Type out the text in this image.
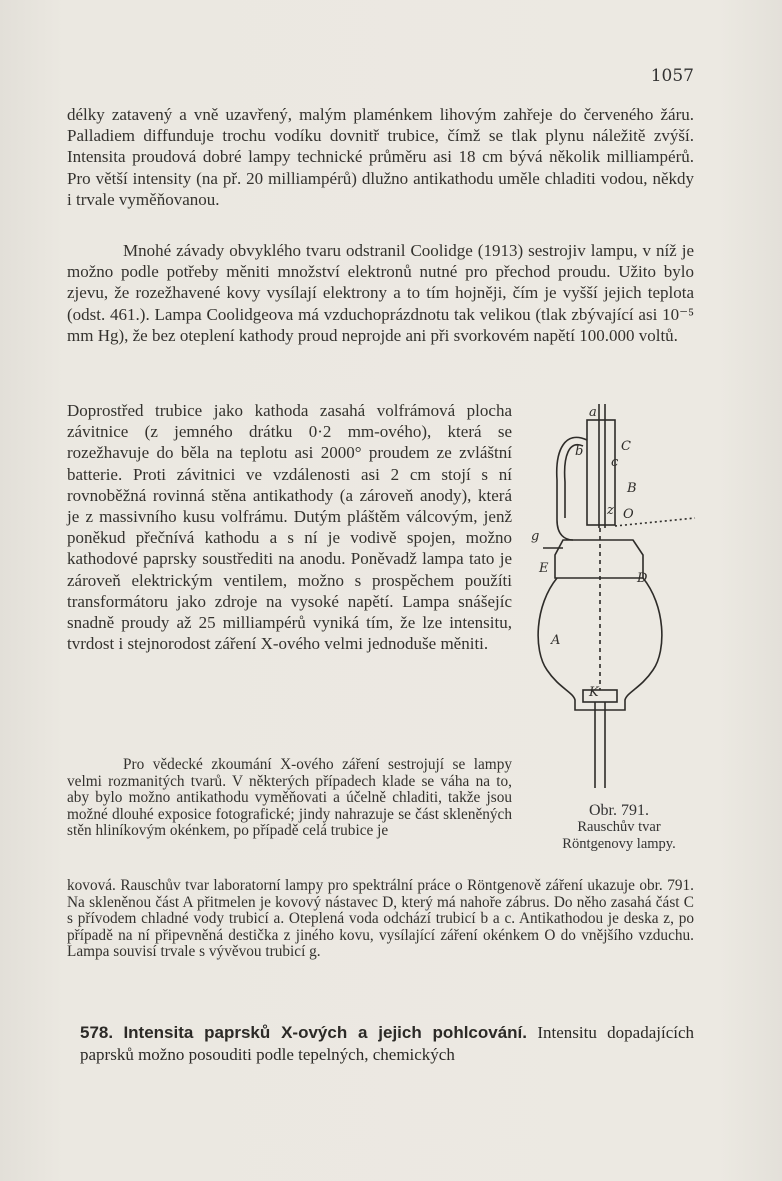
1057
délky zatavený a vně uzavřený, malým plaménkem lihovým zahřeje do červeného žáru. Palladiem diffunduje trochu vodíku dovnitř trubice, čímž se tlak plynu náležitě zvýší. Intensita proudová dobré lampy technické průměru asi 18 cm bývá několik milliampérů. Pro větší intensity (na př. 20 milliampérů) dlužno antikathodu uměle chladiti vodou, někdy i trvale vyměňovanou.
Mnohé závady obvyklého tvaru odstranil Coolidge (1913) sestrojiv lampu, v níž je možno podle potřeby měniti množství elektronů nutné pro přechod proudu. Užito bylo zjevu, že rozežhavené kovy vysílají elektrony a to tím hojněji, čím je vyšší jejich teplota (odst. 461.). Lampa Coolidgeova má vzduchoprázdnotu tak velikou (tlak zbývající asi 10⁻⁵ mm Hg), že bez oteplení kathody proud neprojde ani při svorkovém napětí 100.000 voltů.
Doprostřed trubice jako kathoda zasahá volfrámová plocha závitnice (z jemného drátku 0·2 mm-ového), která se rozežhavuje do běla na teplotu asi 2000° proudem ze zvláštní batterie. Proti závitnici ve vzdálenosti asi 2 cm stojí s ní rovnoběžná rovinná stěna antikathody (a zároveň anody), která je z massivního kusu volfrámu. Dutým pláštěm válcovým, jenž poněkud přečnívá kathodu a s ní je vodivě spojen, možno kathodové paprsky soustřediti na anodu. Poněvadž lampa tato je zároveň elektrickým ventilem, možno s prospěchem použíti transformátoru jako zdroje na vysoké napětí. Lampa snášejíc snadně proudy až 25 milliampérů vyniká tím, že lze intensitu, tvrdost i stejnorodost záření X-ového velmi jednoduše měniti.
a
b
c
C
B
z O
g
E
D
A
K
Obr. 791.
Rauschův tvar
Röntgenovy lampy.
Pro vědecké zkoumání X-ového záření sestrojují se lampy velmi rozmanitých tvarů. V některých případech klade se váha na to, aby bylo možno antikathodu vyměňovati a účelně chladiti, takže jsou možné dlouhé exposice fotografické; jindy nahrazuje se část skleněných stěn hliníkovým okénkem, po případě celá trubice je
kovová. Rauschův tvar laboratorní lampy pro spektrální práce o Röntgenově záření ukazuje obr. 791. Na skleněnou část A přitmelen je kovový nástavec D, který má nahoře zábrus. Do něho zasahá část C s přívodem chladné vody trubicí a. Oteplená voda odchází trubicí b a c. Antikathodou je deska z, po případě na ní připevněná destička z jiného kovu, vysílající záření okénkem O do vnějšího vzduchu. Lampa souvisí trvale s vývěvou trubicí g.
578. Intensita paprsků X-ových a jejich pohlcování. Intensitu dopadajících paprsků možno posouditi podle tepelných, chemických
